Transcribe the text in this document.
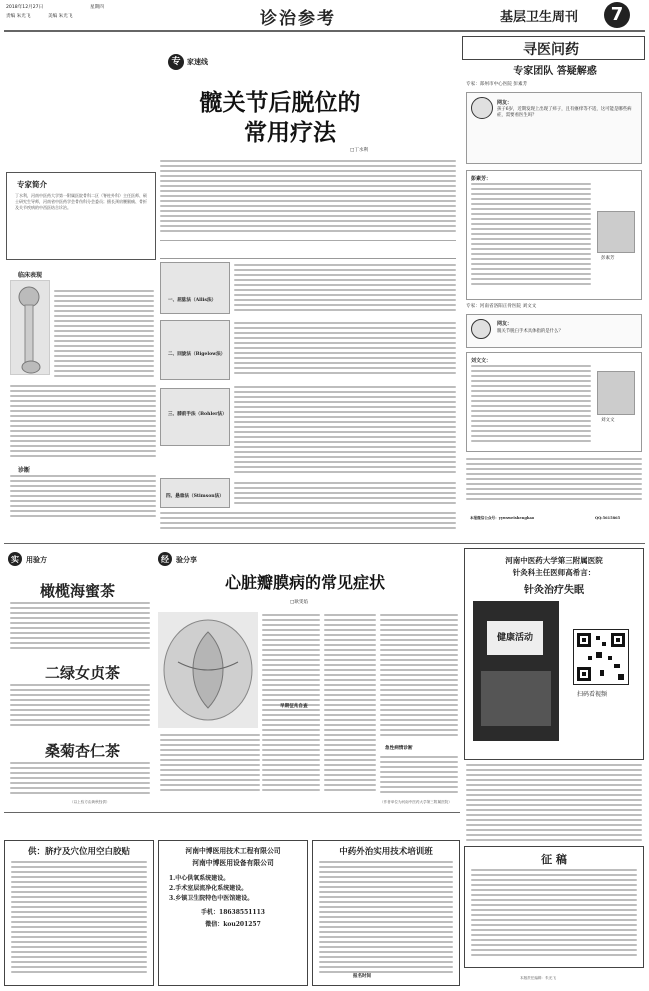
2018年12月27日	星期四
责编 朱光飞	美编 朱光飞	诊治参考	基层卫生周刊	7
专 家速线
髋关节后脱位的
常用疗法
□丁水利
专家简介
丁水利，河南中医药大学第一附属医院骨科二区（脊柱外科）主任医师、硕士研究生导师，河南省中医药学会骨伤科分会委员；擅长颈肩腰腿痛、骨折及关节疾病的中西医结合诊治。
临床表现
诊断
一、屈肱法（Allis法）
二、回旋法（Bigelow法）
三、膝前手法（Bohler法）
四、悬垂法（Stimson法）
寻医问药
专家团队 答疑解惑
专家：郑州市中心医院 彭素芳
网友：
孩子6岁，近期发现上出现了疹子，且有瘙痒等不适，这可能是哪些病症，需要看医生吗？
彭素芳：
彭素芳
专家：河南省洛阳正骨医院 刘文文
网友：
髋关节脱臼手术具体指的是什么？
刘文文：
刘文文
本报微信公众号：yywsweishenghao	QQ:5615865
实	用验方
橄榄海蜜茶
二绿女贞茶
桑菊杏仁茶
（以上验方由黄秋钰供）
经	验分享
心脏瓣膜病的常见症状
□耿雯焰
早期征兆自查
急性病情诊断
（作者单位为河南中医药大学第三附属医院）
河南中医药大学第三附属医院
针灸科主任医师高希言：
针灸治疗失眠
健康活动
扫码看视频
征 稿
本版责任编辑：朱光飞
供：脐疗及穴位用空白胶贴	河南中博医用技术工程有限公司
河南中博医用设备有限公司
1.中心供氧系统建设。
2.手术室层流净化系统建设。
3.乡镇卫生院特色中医馆建设。
手机：18638551113
微信：kou201257
中药外治实用技术培训班
报名时间
